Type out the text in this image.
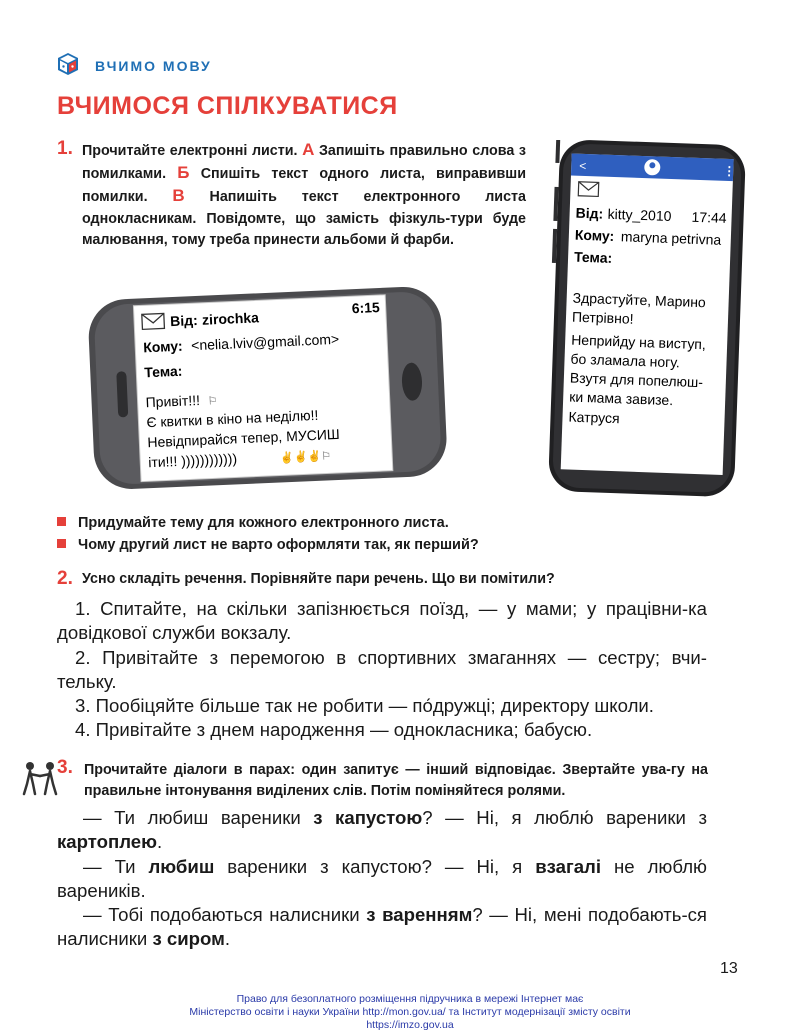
ВЧИМО МОВУ
ВЧИМОСЯ СПІЛКУВАТИСЯ
1. Прочитайте електронні листи. А Запишіть правильно слова з помилками. Б Спишіть текст одного листа, виправивши помилки. В Напишіть текст електронного листа однокласникам. Повідомте, що замість фізкуль-тури буде малювання, тому треба принести альбоми й фарби.
Від: zirochka
6:15
Кому: <nelia.lviv@gmail.com>
Тема:
Привіт!!! ⚐
Є квитки в кіно на неділю!!
Невідпирайся тепер, МУСИШ
іти!!! ))))))))))))	✌✌✌⚐
<	⋮
Від: kitty_2010 17:44
Кому: maryna petrivna
Тема:
Здрастуйте, Марино
Петрівно!
Неприйду на виступ,
бо зламала ногу.
Взутя для попелюш-
ки мама завизе.
Катруся
Придумайте тему для кожного електронного листа.
Чому другий лист не варто оформляти так, як перший?
2. Усно складіть речення. Порівняйте пари речень. Що ви помітили?

1. Спитайте, на скільки запізнюється поїзд, — у мами; у працівни-ка довідкової служби вокзалу.

2. Привітайте з перемогою в спортивних змаганнях — сестру; вчи-тельку.

3. Пообіцяйте більше так не робити — по́дружці; директору школи.

4. Привітайте з днем народження — однокласника; бабусю.

3. Прочитайте діалоги в парах: один запитує — інший відповідає. Звертайте ува-гу на правильне інтонування виділених слів. Потім поміняйтеся ролями.

— Ти любиш вареники з капустою? — Ні, я люблю́ вареники з картоплею.

— Ти любиш вареники з капустою? — Ні, я взагалі не люблю́ вареників.

— Тобі подобаються налисники з варенням? — Ні, мені подобають-ся налисники з сиром.

13
Право для безоплатного розміщення підручника в мережі Інтернет має
Міністерство освіти і науки України http://mon.gov.ua/ та Інститут модернізації змісту освіти https://imzo.gov.ua
